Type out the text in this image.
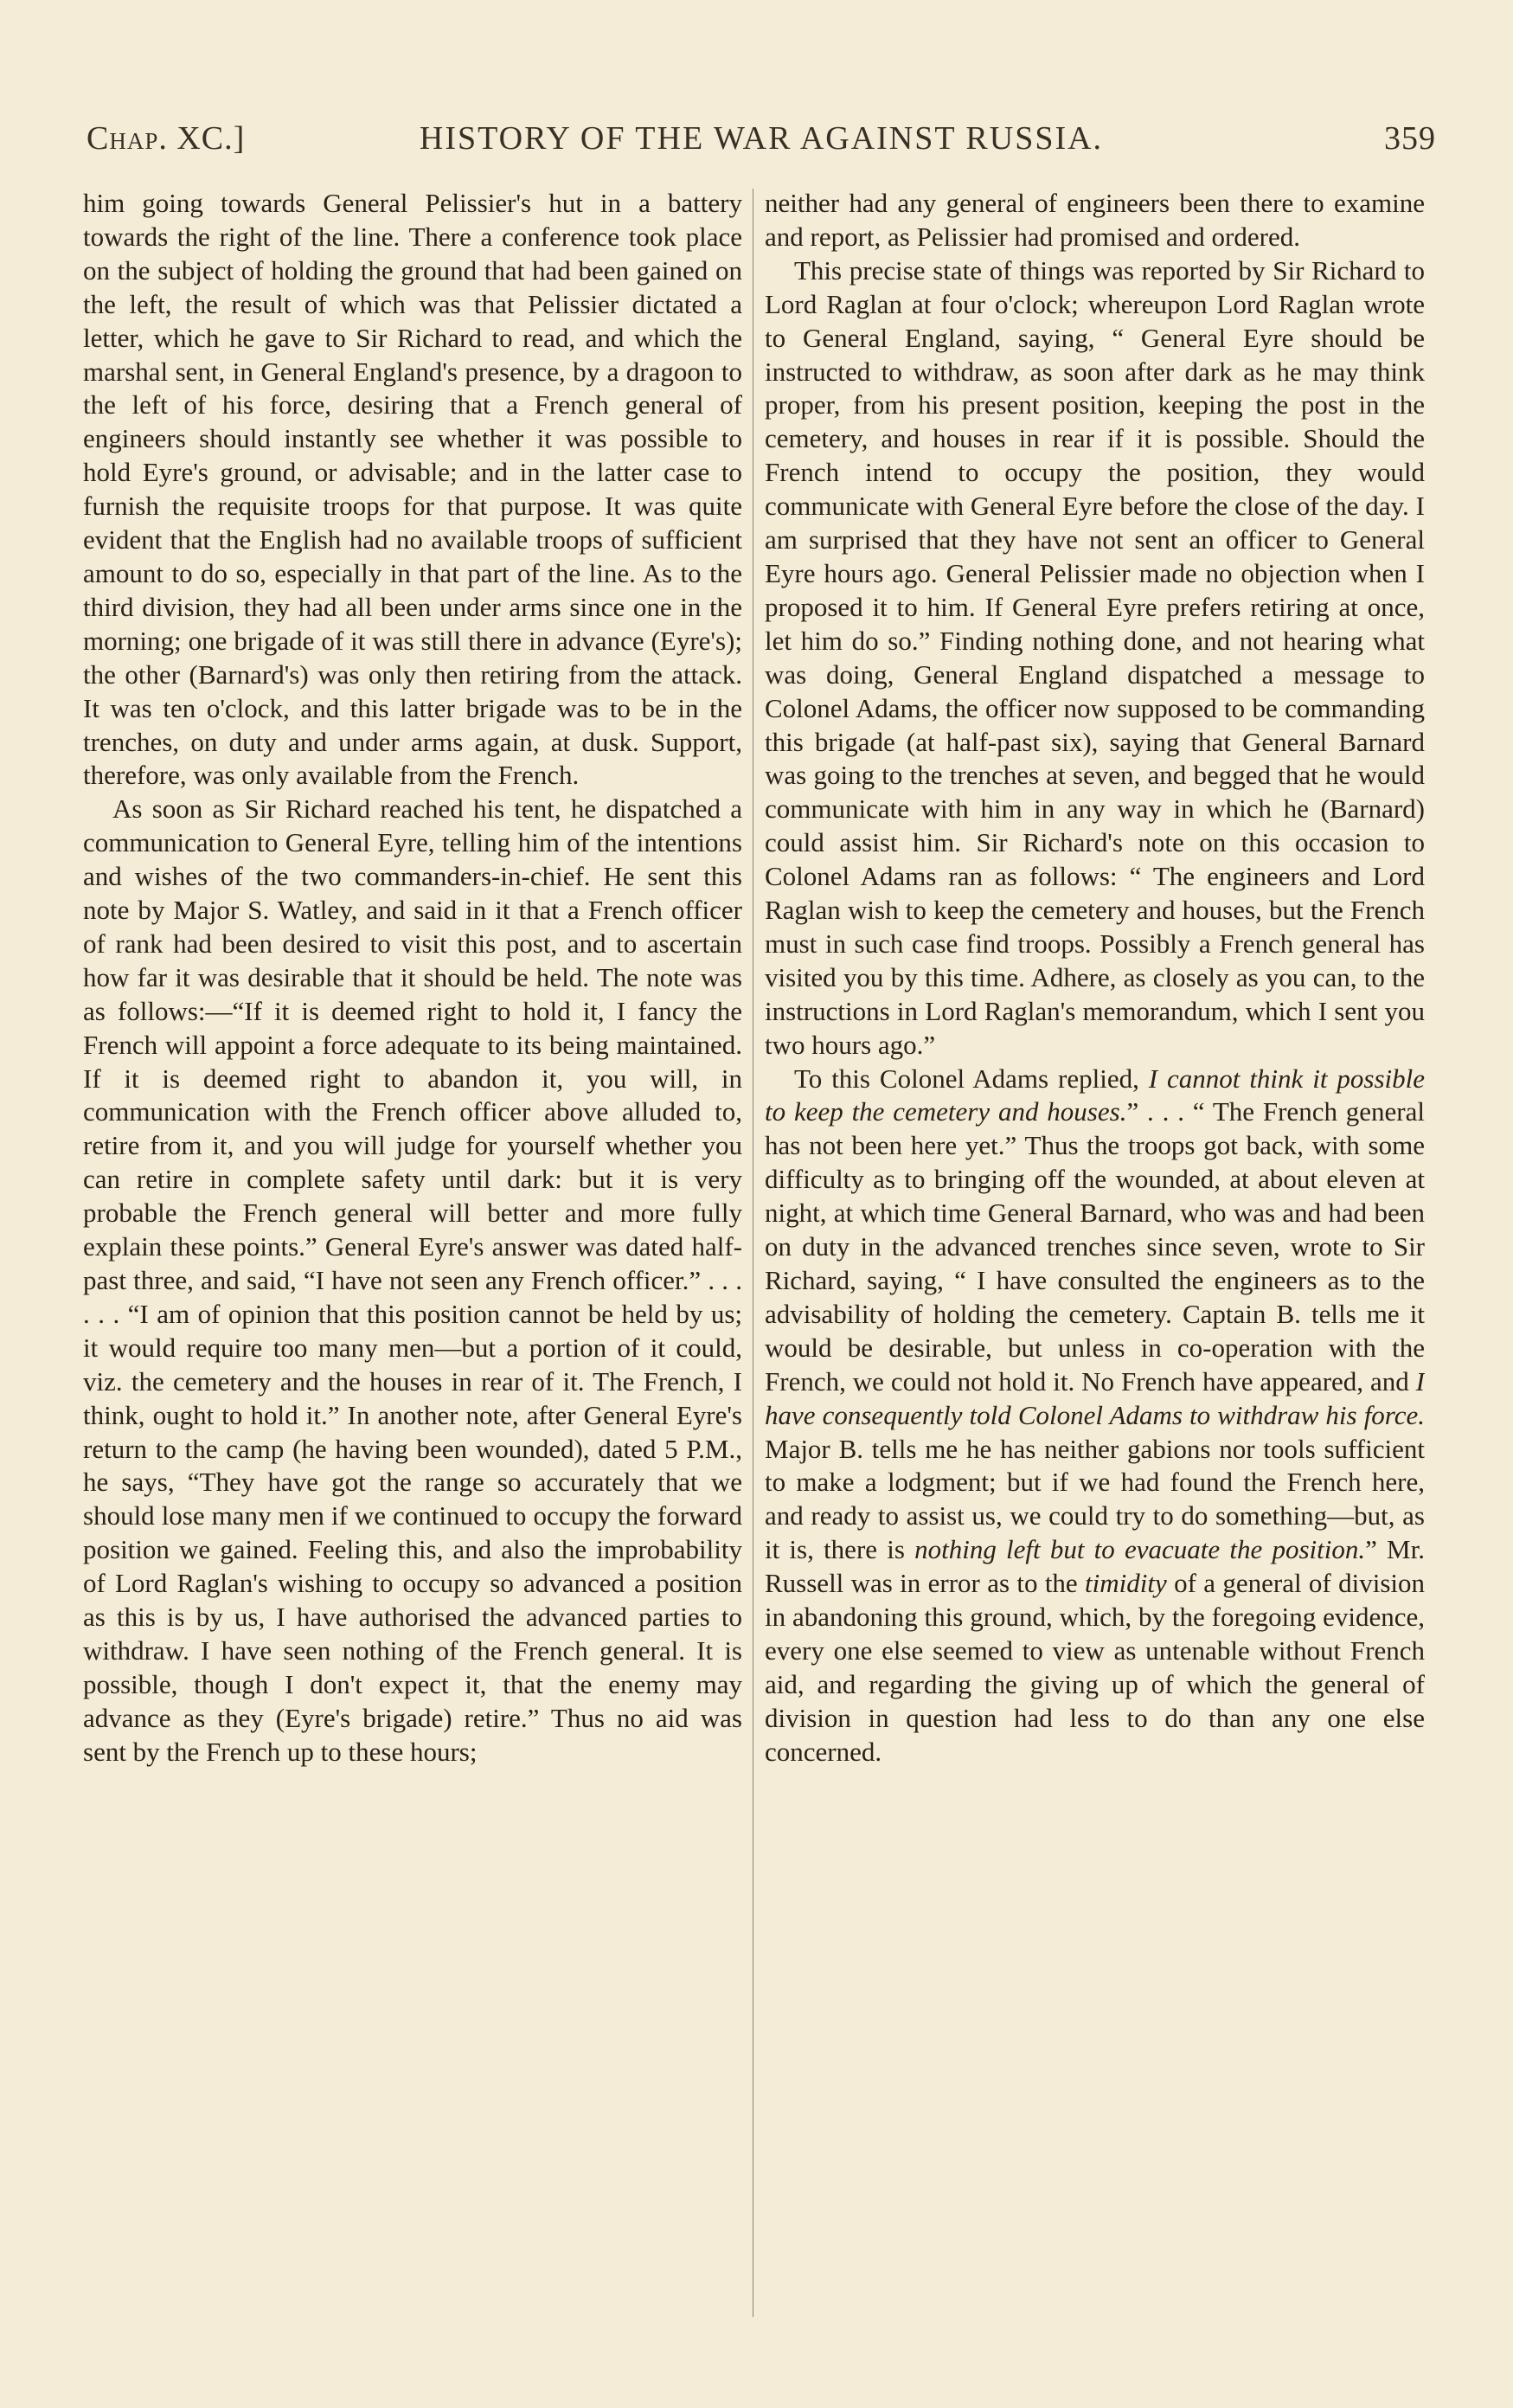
Chap. XC.]	HISTORY OF THE WAR AGAINST RUSSIA.	359

him going towards General Pelissier's hut in a battery towards the right of the line. There a conference took place on the subject of holding the ground that had been gained on the left, the result of which was that Pelissier dictated a letter, which he gave to Sir Richard to read, and which the marshal sent, in General England's presence, by a dragoon to the left of his force, desiring that a French general of engineers should instantly see whether it was possible to hold Eyre's ground, or advisable; and in the latter case to furnish the requisite troops for that purpose. It was quite evident that the English had no available troops of sufficient amount to do so, especially in that part of the line. As to the third division, they had all been under arms since one in the morning; one brigade of it was still there in advance (Eyre's); the other (Barnard's) was only then retiring from the attack. It was ten o'clock, and this latter brigade was to be in the trenches, on duty and under arms again, at dusk. Support, therefore, was only available from the French.

As soon as Sir Richard reached his tent, he dispatched a communication to General Eyre, telling him of the intentions and wishes of the two commanders-in-chief. He sent this note by Major S. Watley, and said in it that a French officer of rank had been desired to visit this post, and to ascertain how far it was desirable that it should be held. The note was as follows:—“If it is deemed right to hold it, I fancy the French will appoint a force adequate to its being maintained. If it is deemed right to abandon it, you will, in communication with the French officer above alluded to, retire from it, and you will judge for yourself whether you can retire in complete safety until dark: but it is very probable the French general will better and more fully explain these points.” General Eyre's answer was dated half-past three, and said, “I have not seen any French officer.” . . . . . . “I am of opinion that this position cannot be held by us; it would require too many men—but a portion of it could, viz. the cemetery and the houses in rear of it. The French, I think, ought to hold it.” In another note, after General Eyre's return to the camp (he having been wounded), dated 5 P.M., he says, “They have got the range so accurately that we should lose many men if we continued to occupy the forward position we gained. Feeling this, and also the improbability of Lord Raglan's wishing to occupy so advanced a position as this is by us, I have authorised the advanced parties to withdraw. I have seen nothing of the French general. It is possible, though I don't expect it, that the enemy may advance as they (Eyre's brigade) retire.” Thus no aid was sent by the French up to these hours;

neither had any general of engineers been there to examine and report, as Pelissier had promised and ordered.

This precise state of things was reported by Sir Richard to Lord Raglan at four o'clock; whereupon Lord Raglan wrote to General England, saying, “ General Eyre should be instructed to withdraw, as soon after dark as he may think proper, from his present position, keeping the post in the cemetery, and houses in rear if it is possible. Should the French intend to occupy the position, they would communicate with General Eyre before the close of the day. I am surprised that they have not sent an officer to General Eyre hours ago. General Pelissier made no objection when I proposed it to him. If General Eyre prefers retiring at once, let him do so.” Finding nothing done, and not hearing what was doing, General England dispatched a message to Colonel Adams, the officer now supposed to be commanding this brigade (at half-past six), saying that General Barnard was going to the trenches at seven, and begged that he would communicate with him in any way in which he (Barnard) could assist him. Sir Richard's note on this occasion to Colonel Adams ran as follows: “ The engineers and Lord Raglan wish to keep the cemetery and houses, but the French must in such case find troops. Possibly a French general has visited you by this time. Adhere, as closely as you can, to the instructions in Lord Raglan's memorandum, which I sent you two hours ago.”

To this Colonel Adams replied, I cannot think it possible to keep the cemetery and houses.” . . . “ The French general has not been here yet.” Thus the troops got back, with some difficulty as to bringing off the wounded, at about eleven at night, at which time General Barnard, who was and had been on duty in the advanced trenches since seven, wrote to Sir Richard, saying, “ I have consulted the engineers as to the advisability of holding the cemetery. Captain B. tells me it would be desirable, but unless in co-operation with the French, we could not hold it. No French have appeared, and I have consequently told Colonel Adams to withdraw his force. Major B. tells me he has neither gabions nor tools sufficient to make a lodgment; but if we had found the French here, and ready to assist us, we could try to do something—but, as it is, there is nothing left but to evacuate the position.” Mr. Russell was in error as to the timidity of a general of division in abandoning this ground, which, by the foregoing evidence, every one else seemed to view as untenable without French aid, and regarding the giving up of which the general of division in question had less to do than any one else concerned.
